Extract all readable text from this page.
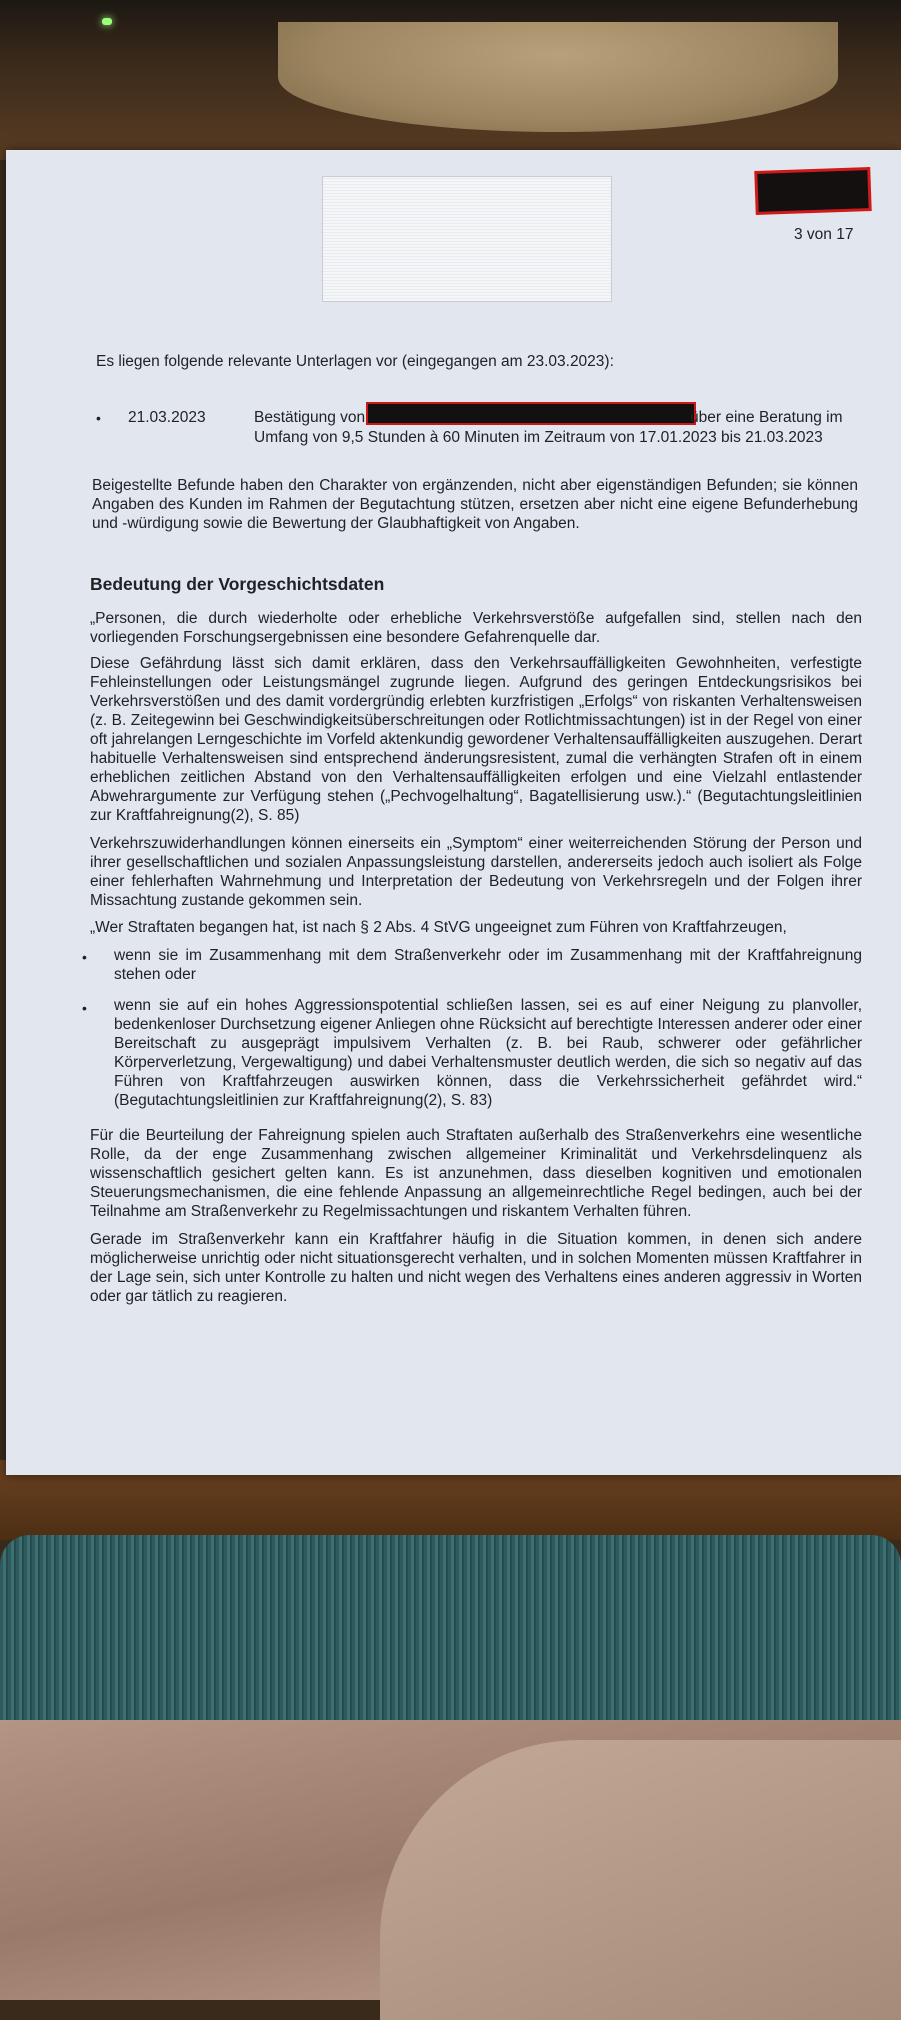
3 von 17
Es liegen folgende relevante Unterlagen vor (eingegangen am 23.03.2023):
• 21.03.2023	Bestätigung von	über eine Beratung im
Umfang von 9,5 Stunden à 60 Minuten im Zeitraum von 17.01.2023 bis 21.03.2023
Beigestellte Befunde haben den Charakter von ergänzenden, nicht aber eigenständigen Befunden; sie können Angaben des Kunden im Rahmen der Begutachtung stützen, ersetzen aber nicht eine eigene Befunderhebung und -würdigung sowie die Bewertung der Glaubhaftigkeit von Angaben.
Bedeutung der Vorgeschichtsdaten
„Personen, die durch wiederholte oder erhebliche Verkehrsverstöße aufgefallen sind, stellen nach den vorliegenden Forschungsergebnissen eine besondere Gefahrenquelle dar.
Diese Gefährdung lässt sich damit erklären, dass den Verkehrsauffälligkeiten Gewohnheiten, verfestigte Fehleinstellungen oder Leistungsmängel zugrunde liegen. Aufgrund des geringen Entdeckungsrisikos bei Verkehrsverstößen und des damit vordergründig erlebten kurzfristigen „Erfolgs“ von riskanten Verhaltensweisen (z. B. Zeitegewinn bei Geschwindigkeitsüberschreitungen oder Rotlichtmissachtungen) ist in der Regel von einer oft jahrelangen Lerngeschichte im Vorfeld aktenkundig gewordener Verhaltensauffälligkeiten auszugehen. Derart habituelle Verhaltensweisen sind entsprechend änderungsresistent, zumal die verhängten Strafen oft in einem erheblichen zeitlichen Abstand von den Verhaltensauffälligkeiten erfolgen und eine Vielzahl entlastender Abwehrargumente zur Verfügung stehen („Pechvogelhaltung“, Bagatellisierung usw.).“ (Begutachtungsleitlinien zur Kraftfahreignung(2), S. 85)
Verkehrszuwiderhandlungen können einerseits ein „Symptom“ einer weiterreichenden Störung der Person und ihrer gesellschaftlichen und sozialen Anpassungsleistung darstellen, andererseits jedoch auch isoliert als Folge einer fehlerhaften Wahrnehmung und Interpretation der Bedeutung von Verkehrsregeln und der Folgen ihrer Missachtung zustande gekommen sein.
„Wer Straftaten begangen hat, ist nach § 2 Abs. 4 StVG ungeeignet zum Führen von Kraftfahrzeugen,
• wenn sie im Zusammenhang mit dem Straßenverkehr oder im Zusammenhang mit der Kraftfahreignung stehen oder
• wenn sie auf ein hohes Aggressionspotential schließen lassen, sei es auf einer Neigung zu planvoller, bedenkenloser Durchsetzung eigener Anliegen ohne Rücksicht auf berechtigte Interessen anderer oder einer Bereitschaft zu ausgeprägt impulsivem Verhalten (z. B. bei Raub, schwerer oder gefährlicher Körperverletzung, Vergewaltigung) und dabei Verhaltensmuster deutlich werden, die sich so negativ auf das Führen von Kraftfahrzeugen auswirken können, dass die Verkehrssicherheit gefährdet wird.“ (Begutachtungsleitlinien zur Kraftfahreignung(2), S. 83)
Für die Beurteilung der Fahreignung spielen auch Straftaten außerhalb des Straßenverkehrs eine wesentliche Rolle, da der enge Zusammenhang zwischen allgemeiner Kriminalität und Verkehrsdelinquenz als wissenschaftlich gesichert gelten kann. Es ist anzunehmen, dass dieselben kognitiven und emotionalen Steuerungsmechanismen, die eine fehlende Anpassung an allgemeinrechtliche Regel bedingen, auch bei der Teilnahme am Straßenverkehr zu Regelmissachtungen und riskantem Verhalten führen.
Gerade im Straßenverkehr kann ein Kraftfahrer häufig in die Situation kommen, in denen sich andere möglicherweise unrichtig oder nicht situationsgerecht verhalten, und in solchen Momenten müssen Kraftfahrer in der Lage sein, sich unter Kontrolle zu halten und nicht wegen des Verhaltens eines anderen aggressiv in Worten oder gar tätlich zu reagieren.
